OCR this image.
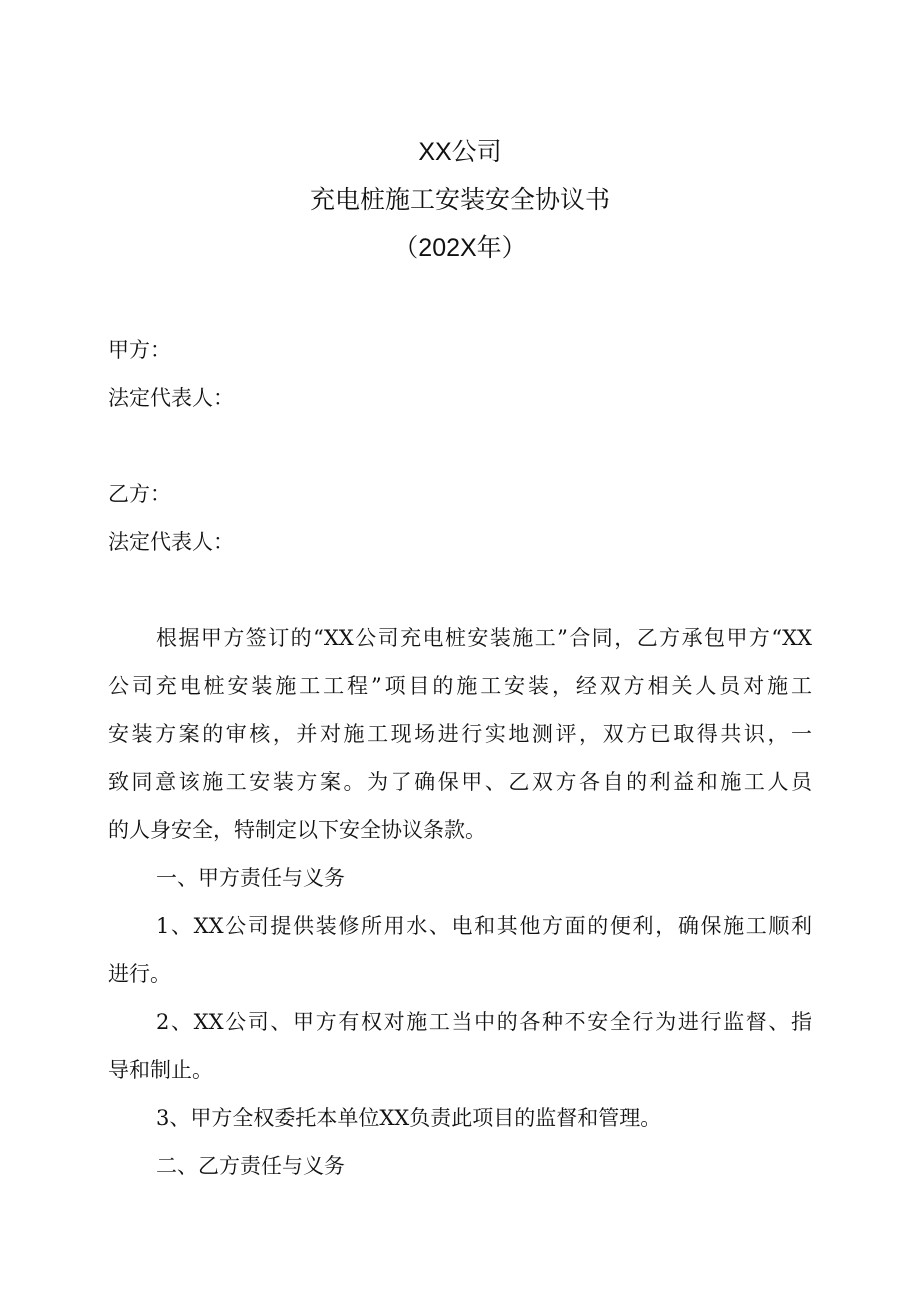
XX公司
充电桩施工安装安全协议书
（202X年）
甲方：
法定代表人：
乙方：
法定代表人：
根据甲方签订的“XX公司充电桩安装施工”合同，乙方承包甲方“XX
公司充电桩安装施工工程”项目的施工安装，经双方相关人员对施工
安装方案的审核，并对施工现场进行实地测评，双方已取得共识，一
致同意该施工安装方案。为了确保甲、乙双方各自的利益和施工人员
的人身安全，特制定以下安全协议条款。
一、甲方责任与义务
1、XX公司提供装修所用水、电和其他方面的便利，确保施工顺利
进行。
2、XX公司、甲方有权对施工当中的各种不安全行为进行监督、指
导和制止。
3、甲方全权委托本单位XX负责此项目的监督和管理。
二、乙方责任与义务
